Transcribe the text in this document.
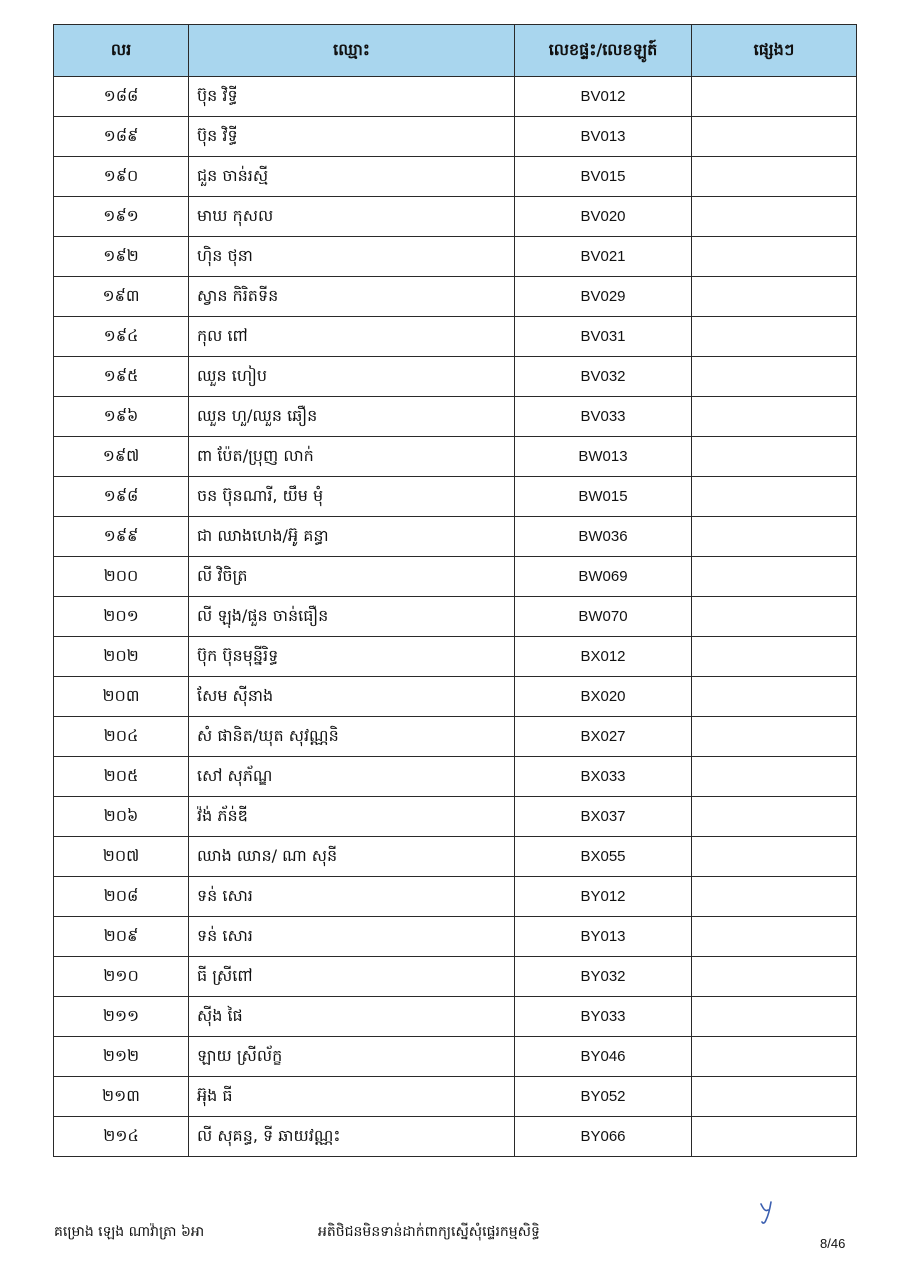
លរ	ឈ្មោះ	លេខផ្ទះ/លេខឡូត៍	ផ្សេងៗ
១៨៨	ប៊ុន វិទ្ធី	BV012	
១៨៩	ប៊ុន វិទ្ធី	BV013	
១៩០	ជួន ចាន់រស្មី	BV015	
១៩១	មាឃ កុសល	BV020	
១៩២	ហ៊ិន ថុនា	BV021	
១៩៣	ស្វាន កិរិតទីន	BV029	
១៩៤	កុល ពៅ	BV031	
១៩៥	ឈួន ហៀប	BV032	
១៩៦	ឈួន ហួ/ឈួន ឆឿន	BV033	
១៩៧	ពា ប៉ែត/ប្រុញ លាក់	BW013	
១៩៨	ចន ប៊ុនណារី, យឹម មុំ	BW015	
១៩៩	ជា ឈាងហេង/អ៊ូ គន្ធា	BW036	
២០០	លី វិចិត្រ	BW069	
២០១	លី ឡុង/ផួន ចាន់ធឿន	BW070	
២០២	ប៊ុក ប៊ុនមុន្នីរិទ្ធ	BX012	
២០៣	សែម ស៊ីនាង	BX020	
២០៤	សំ ផានិត/ឃុត សុវណ្ណនិ	BX027	
២០៥	សៅ សុភ័ណ្ឌ	BX033	
២០៦	វ៉ង់ ភ័ន់ឌី	BX037	
២០៧	ឈាង ឈាន/ ណា សុនី	BX055	
២០៨	ទន់ សោរ	BY012	
២០៩	ទន់ សោរ	BY013	
២១០	ធី ស្រីពៅ	BY032	
២១១	ស៊ីង ផៃ	BY033	
២១២	ឡាយ ស្រីល័ក្ខ	BY046	
២១៣	អ៊ុង ធី	BY052	
២១៤	លី សុគន្ធ, ទី ឆាយវណ្ណះ	BY066	
គម្រោង ឡេង ណាវ៉ាត្រា ៦អា	អតិថិជនមិនទាន់ដាក់ពាក្យស្នើសុំផ្ទេរកម្មសិទ្ធិ
8/46
